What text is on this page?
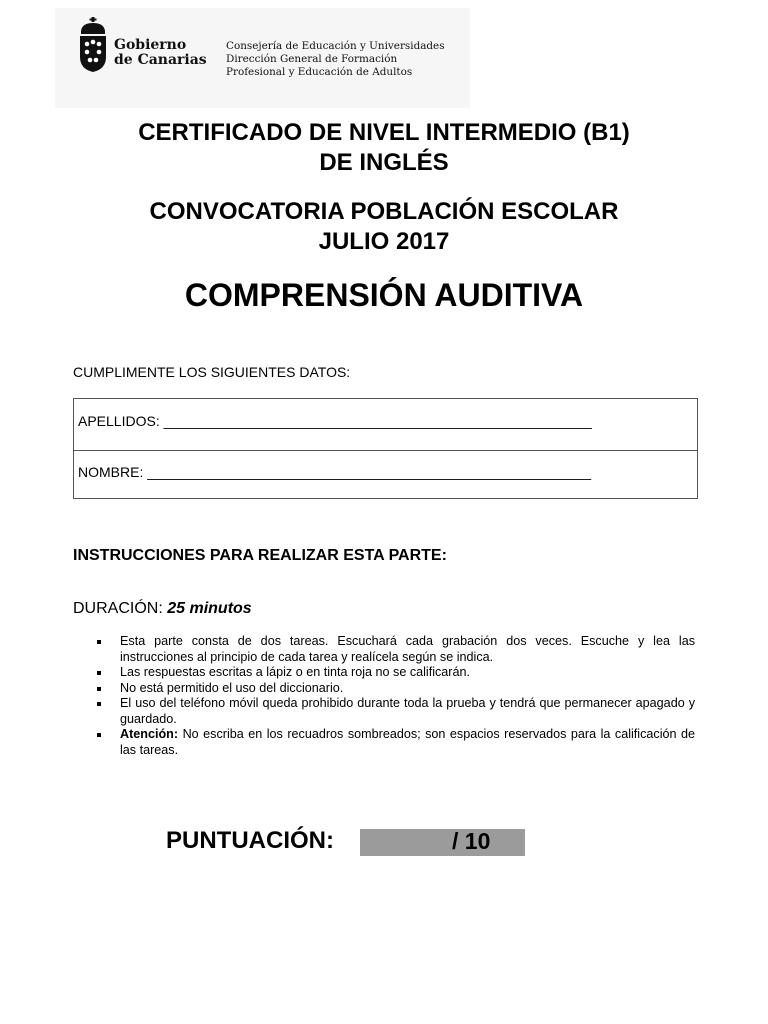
Gobierno
de Canarias
Consejería de Educación y Universidades
Dirección General de Formación
Profesional y Educación de Adultos
CERTIFICADO DE NIVEL INTERMEDIO (B1)
DE INGLÉS
CONVOCATORIA POBLACIÓN ESCOLAR
JULIO 2017
COMPRENSIÓN AUDITIVA
CUMPLIMENTE LOS SIGUIENTES DATOS:
APELLIDOS: _______________________________________________________
NOMBRE: _________________________________________________________
INSTRUCCIONES PARA REALIZAR ESTA PARTE:
DURACIÓN: 25 minutos
Esta parte consta de dos tareas. Escuchará cada grabación dos veces. Escuche y lea las instrucciones al principio de cada tarea y realícela según se indica.
Las respuestas escritas a lápiz o en tinta roja no se calificarán.
No está permitido el uso del diccionario.
El uso del teléfono móvil queda prohibido durante toda la prueba y tendrá que permanecer apagado y guardado.
Atención: No escriba en los recuadros sombreados; son espacios reservados para la calificación de las tareas.
PUNTUACIÓN:	/ 10
